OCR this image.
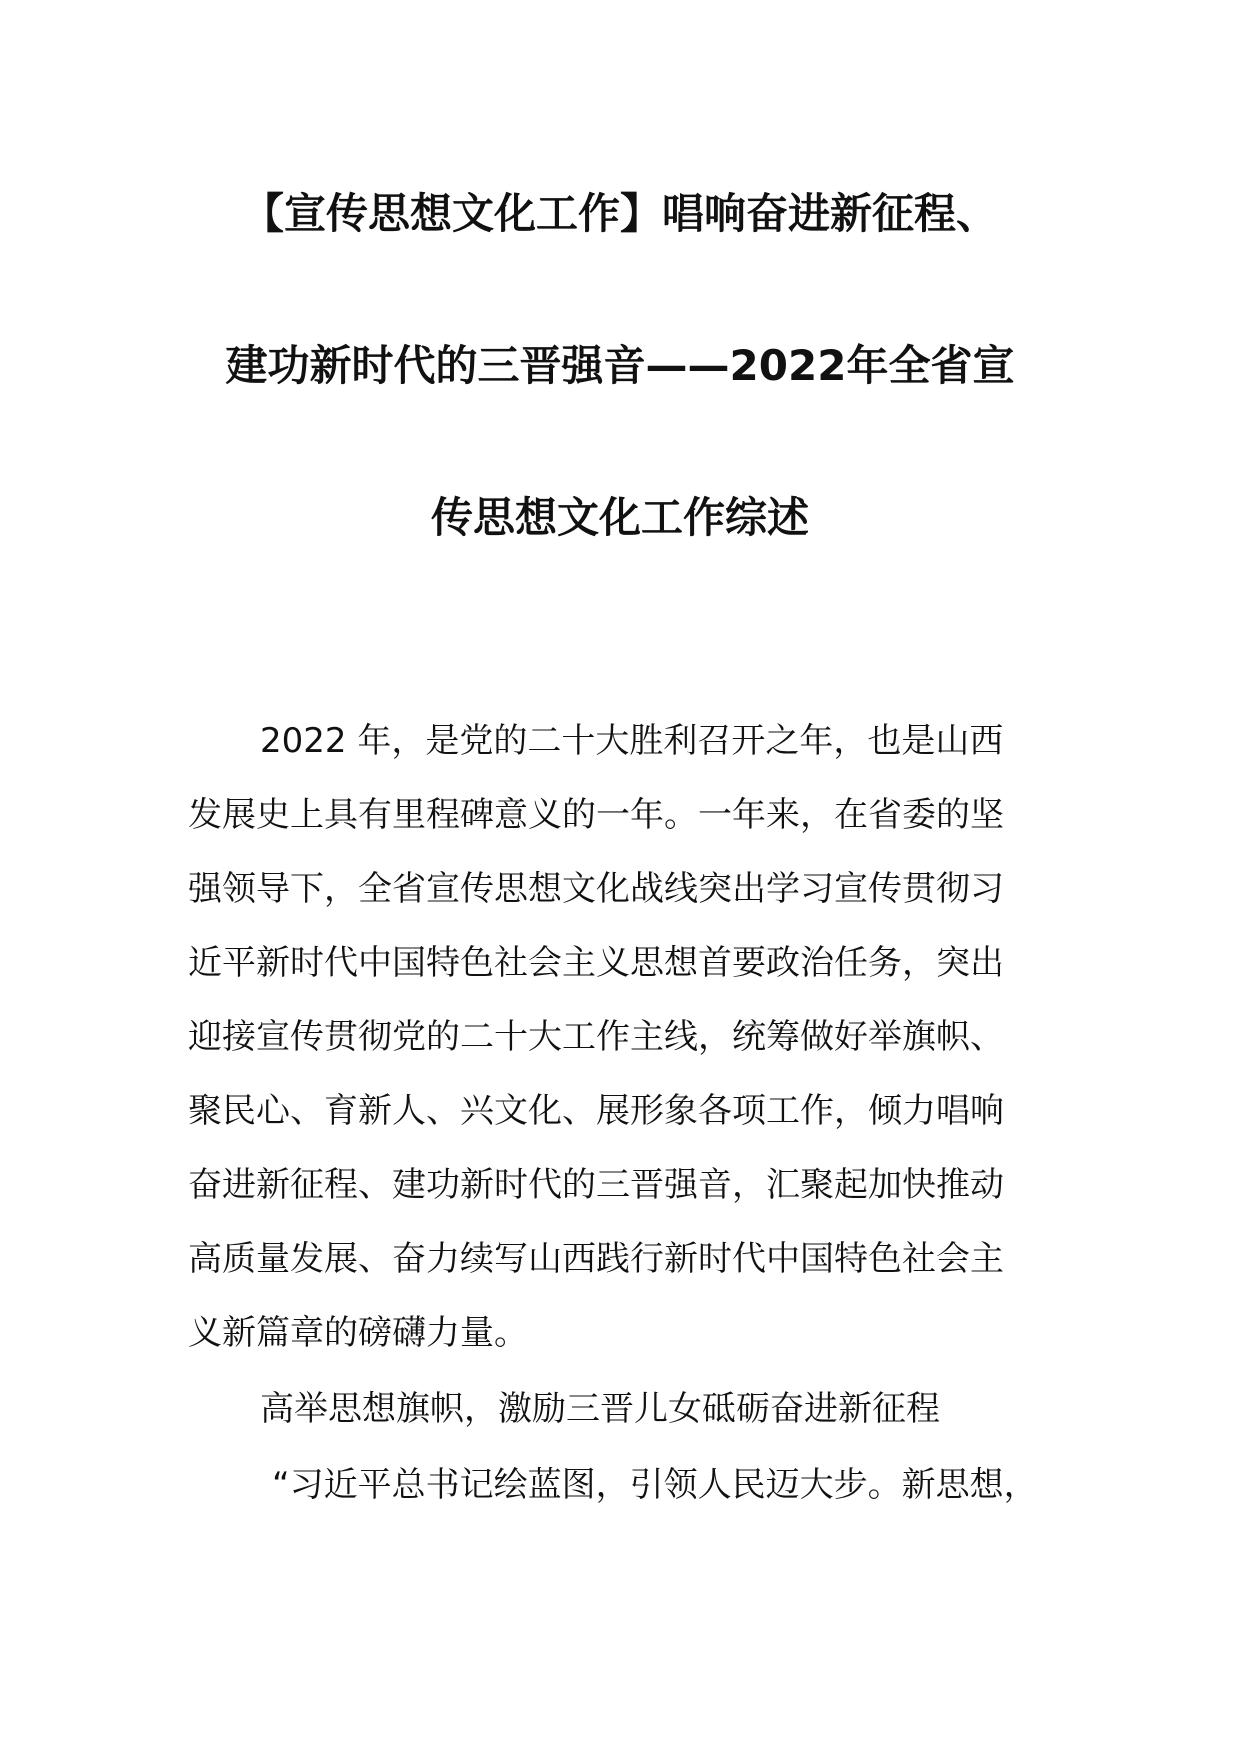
【宣传思想文化工作】唱响奋进新征程、

建功新时代的三晋强音——2022年全省宣

传思想文化工作综述

2022 年，是党的二十大胜利召开之年，也是山西

发展史上具有里程碑意义的一年。一年来，在省委的坚

强领导下，全省宣传思想文化战线突出学习宣传贯彻习

近平新时代中国特色社会主义思想首要政治任务，突出

迎接宣传贯彻党的二十大工作主线，统筹做好举旗帜、

聚民心、育新人、兴文化、展形象各项工作，倾力唱响

奋进新征程、建功新时代的三晋强音，汇聚起加快推动

高质量发展、奋力续写山西践行新时代中国特色社会主

义新篇章的磅礴力量。

高举思想旗帜，激励三晋儿女砥砺奋进新征程
“习近平总书记绘蓝图，引领人民迈大步。新思想，
